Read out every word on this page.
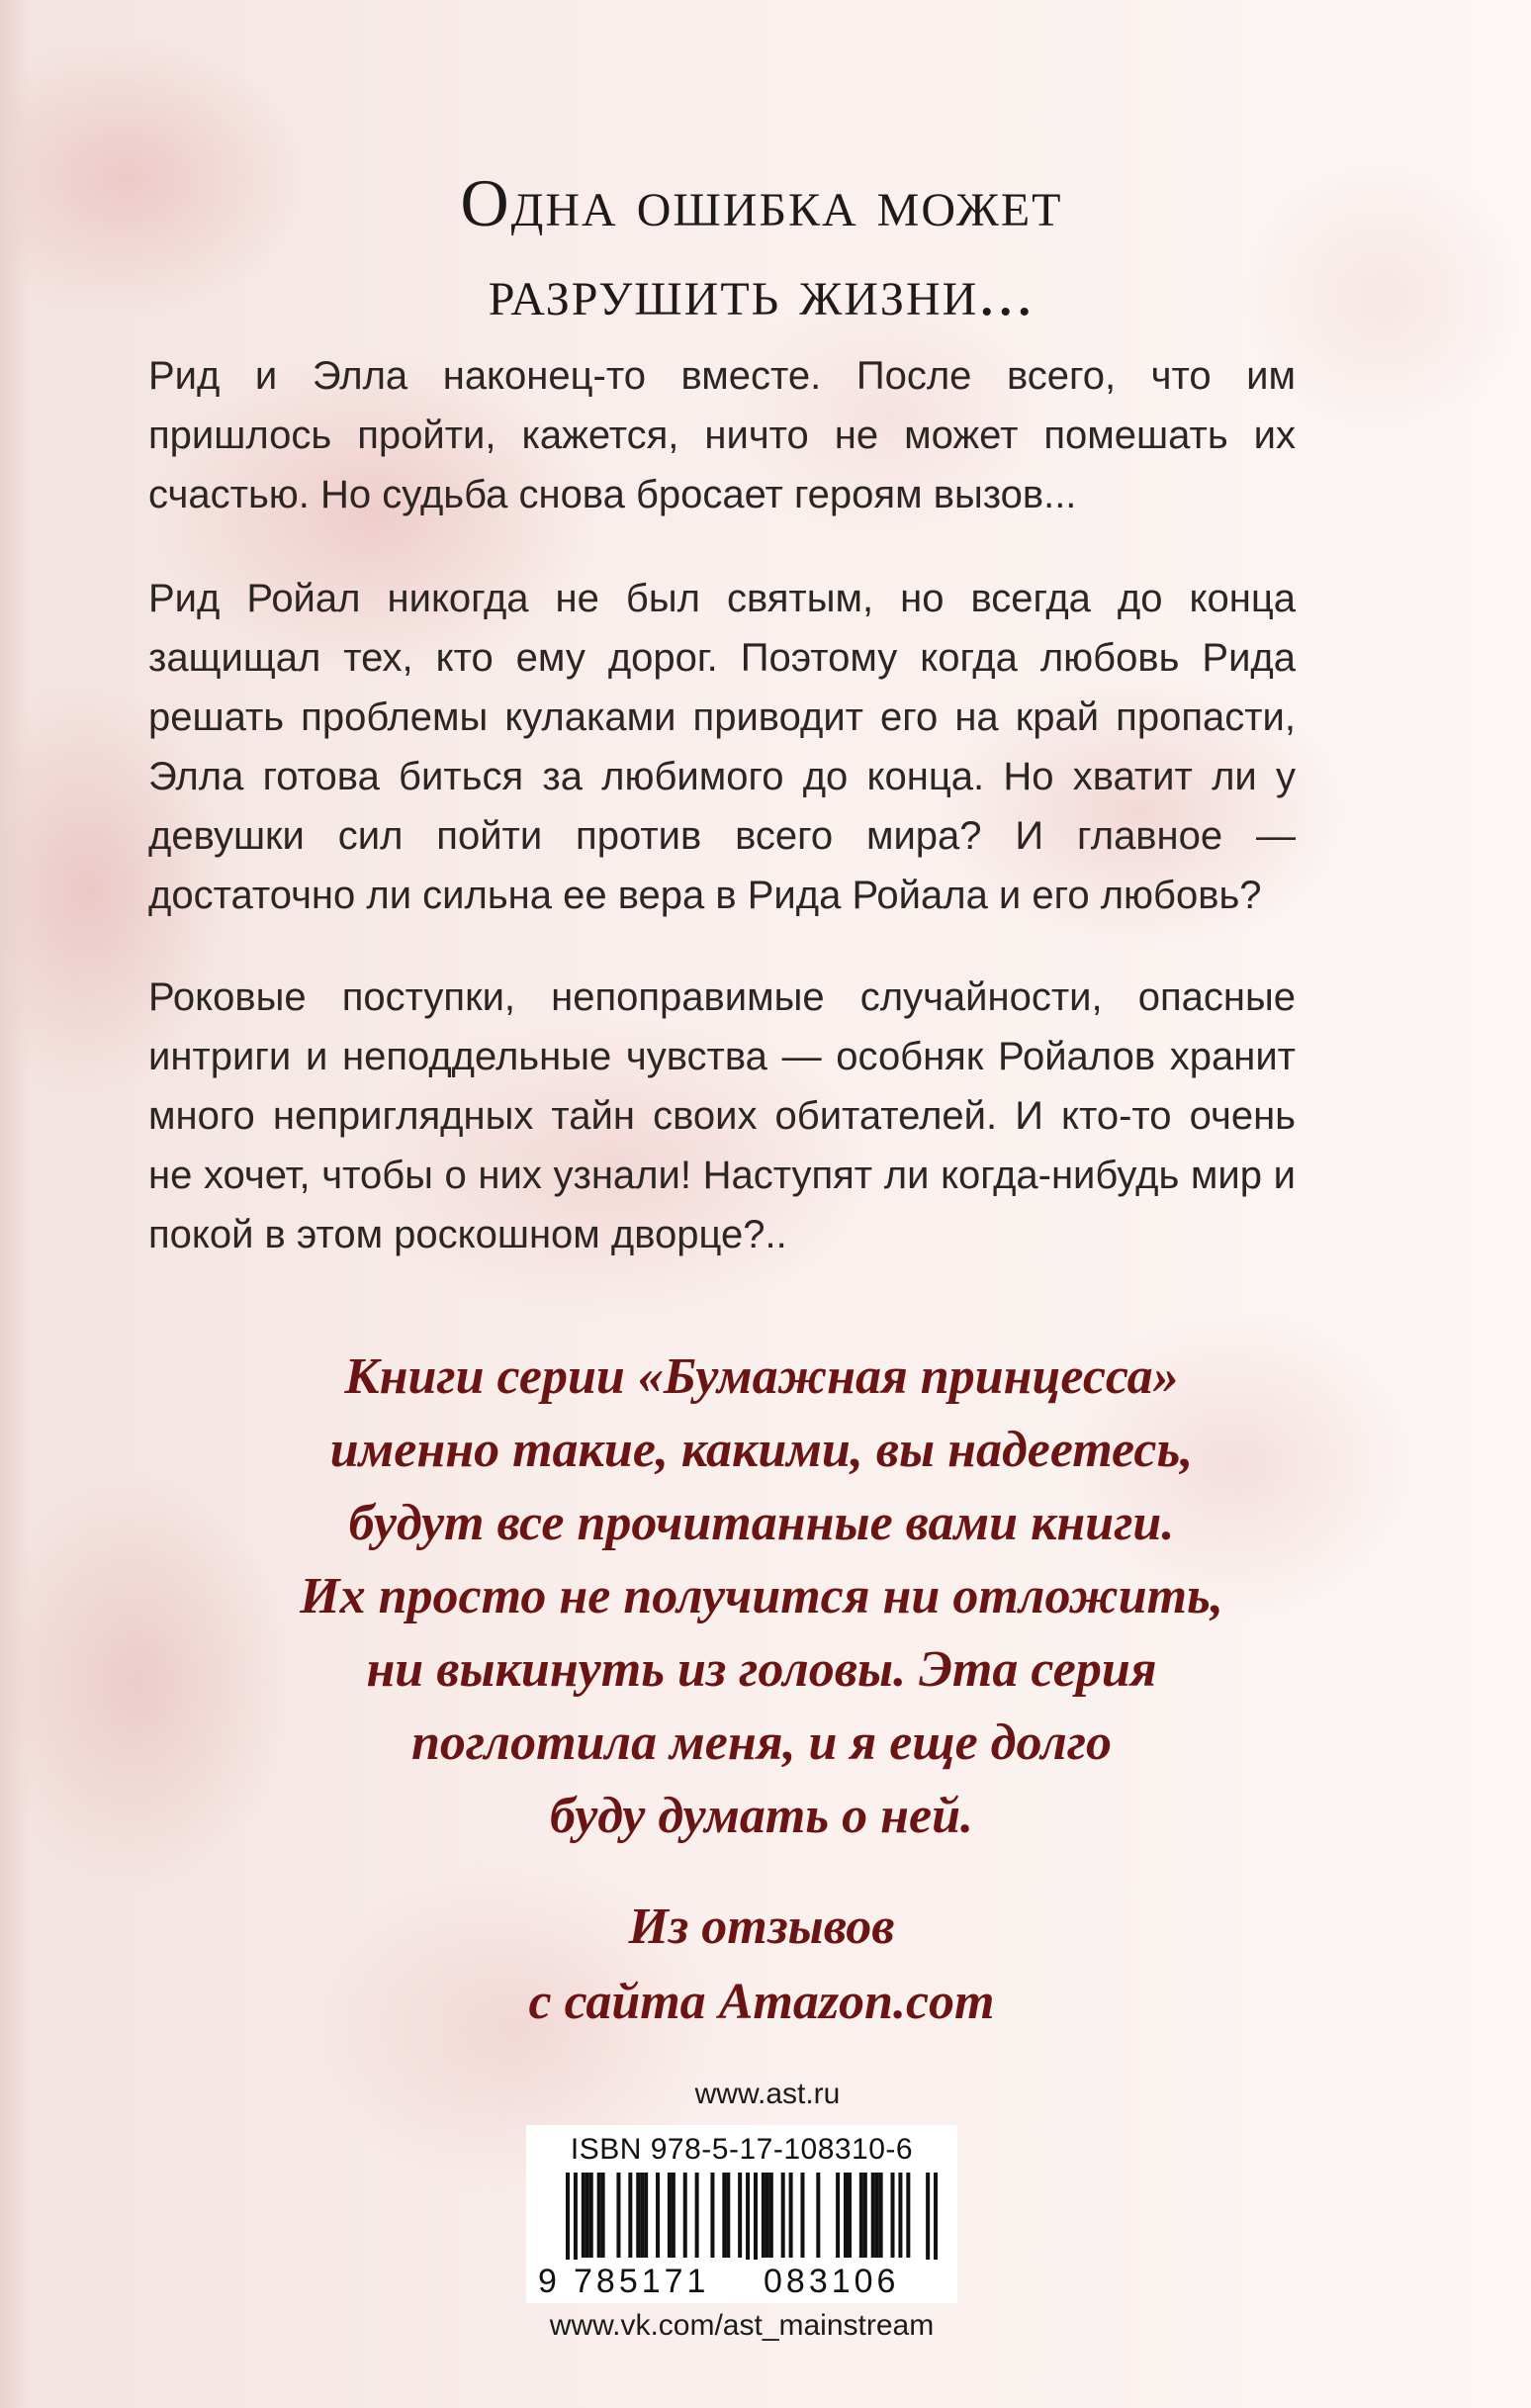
Одна ошибка может
разрушить жизни...

Рид и Элла наконец-то вместе. После всего, что им пришлось пройти, кажется, ничто не может помешать их счастью. Но судьба снова бросает героям вызов...

Рид Ройал никогда не был святым, но всегда до конца защищал тех, кто ему дорог. Поэтому когда любовь Рида решать проблемы кулаками приводит его на край пропасти, Элла готова биться за любимого до конца. Но хватит ли у девушки сил пойти против всего мира? И главное — достаточно ли сильна ее вера в Рида Ройала и его любовь?

Роковые поступки, непоправимые случайности, опасные интриги и неподдельные чувства — особняк Ройалов хранит много неприглядных тайн своих обитателей. И кто-то очень не хочет, чтобы о них узнали! Наступят ли когда-нибудь мир и покой в этом роскошном дворце?..

Книги серии «Бумажная принцесса»
именно такие, какими, вы надеетесь,
будут все прочитанные вами книги.
Их просто не получится ни отложить,
ни выкинуть из головы. Эта серия
поглотила меня, и я еще долго
буду думать о ней.
Из отзывов
с сайта Amazon.com
www.ast.ru
ISBN 978-5-17-108310-6
9 785171 083106
www.vk.com/ast_mainstream
